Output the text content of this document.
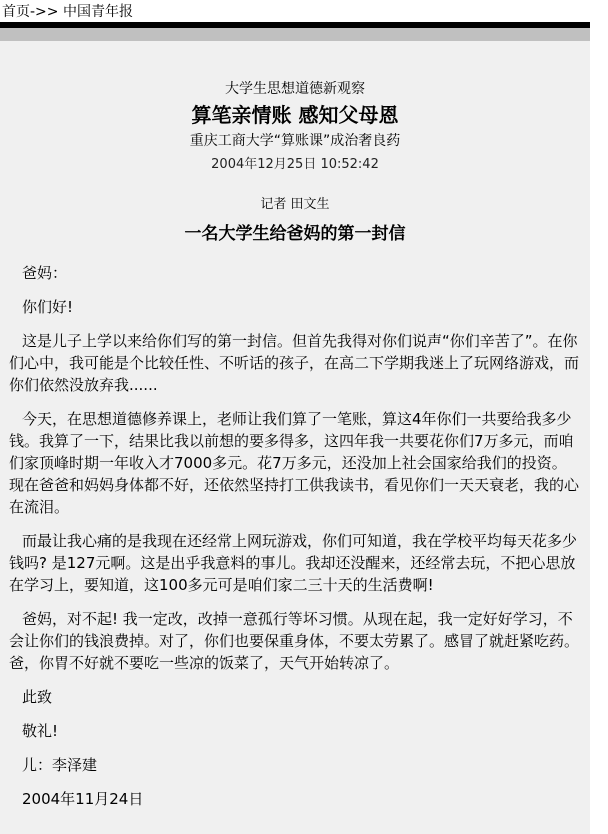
首页->> 中国青年报
大学生思想道德新观察
算笔亲情账 感知父母恩
重庆工商大学“算账课”成治奢良药
2004年12月25日 10:52:42
记者 田文生
一名大学生给爸妈的第一封信

爸妈：

你们好!

这是儿子上学以来给你们写的第一封信。但首先我得对你们说声“你们辛苦了”。在你们心中，我可能是个比较任性、不听话的孩子，在高二下学期我迷上了玩网络游戏，而你们依然没放弃我......

今天，在思想道德修养课上，老师让我们算了一笔账，算这4年你们一共要给我多少钱。我算了一下，结果比我以前想的要多得多，这四年我一共要花你们7万多元，而咱们家顶峰时期一年收入才7000多元。花7万多元，还没加上社会国家给我们的投资。现在爸爸和妈妈身体都不好，还依然坚持打工供我读书，看见你们一天天衰老，我的心在流泪。

而最让我心痛的是我现在还经常上网玩游戏，你们可知道，我在学校平均每天花多少钱吗? 是127元啊。这是出乎我意料的事儿。我却还没醒来，还经常去玩，不把心思放在学习上，要知道，这100多元可是咱们家二三十天的生活费啊!

爸妈，对不起! 我一定改，改掉一意孤行等坏习惯。从现在起，我一定好好学习，不会让你们的钱浪费掉。对了，你们也要保重身体，不要太劳累了。感冒了就赶紧吃药。爸，你胃不好就不要吃一些凉的饭菜了，天气开始转凉了。

此致

敬礼!

儿：李泽建

2004年11月24日
